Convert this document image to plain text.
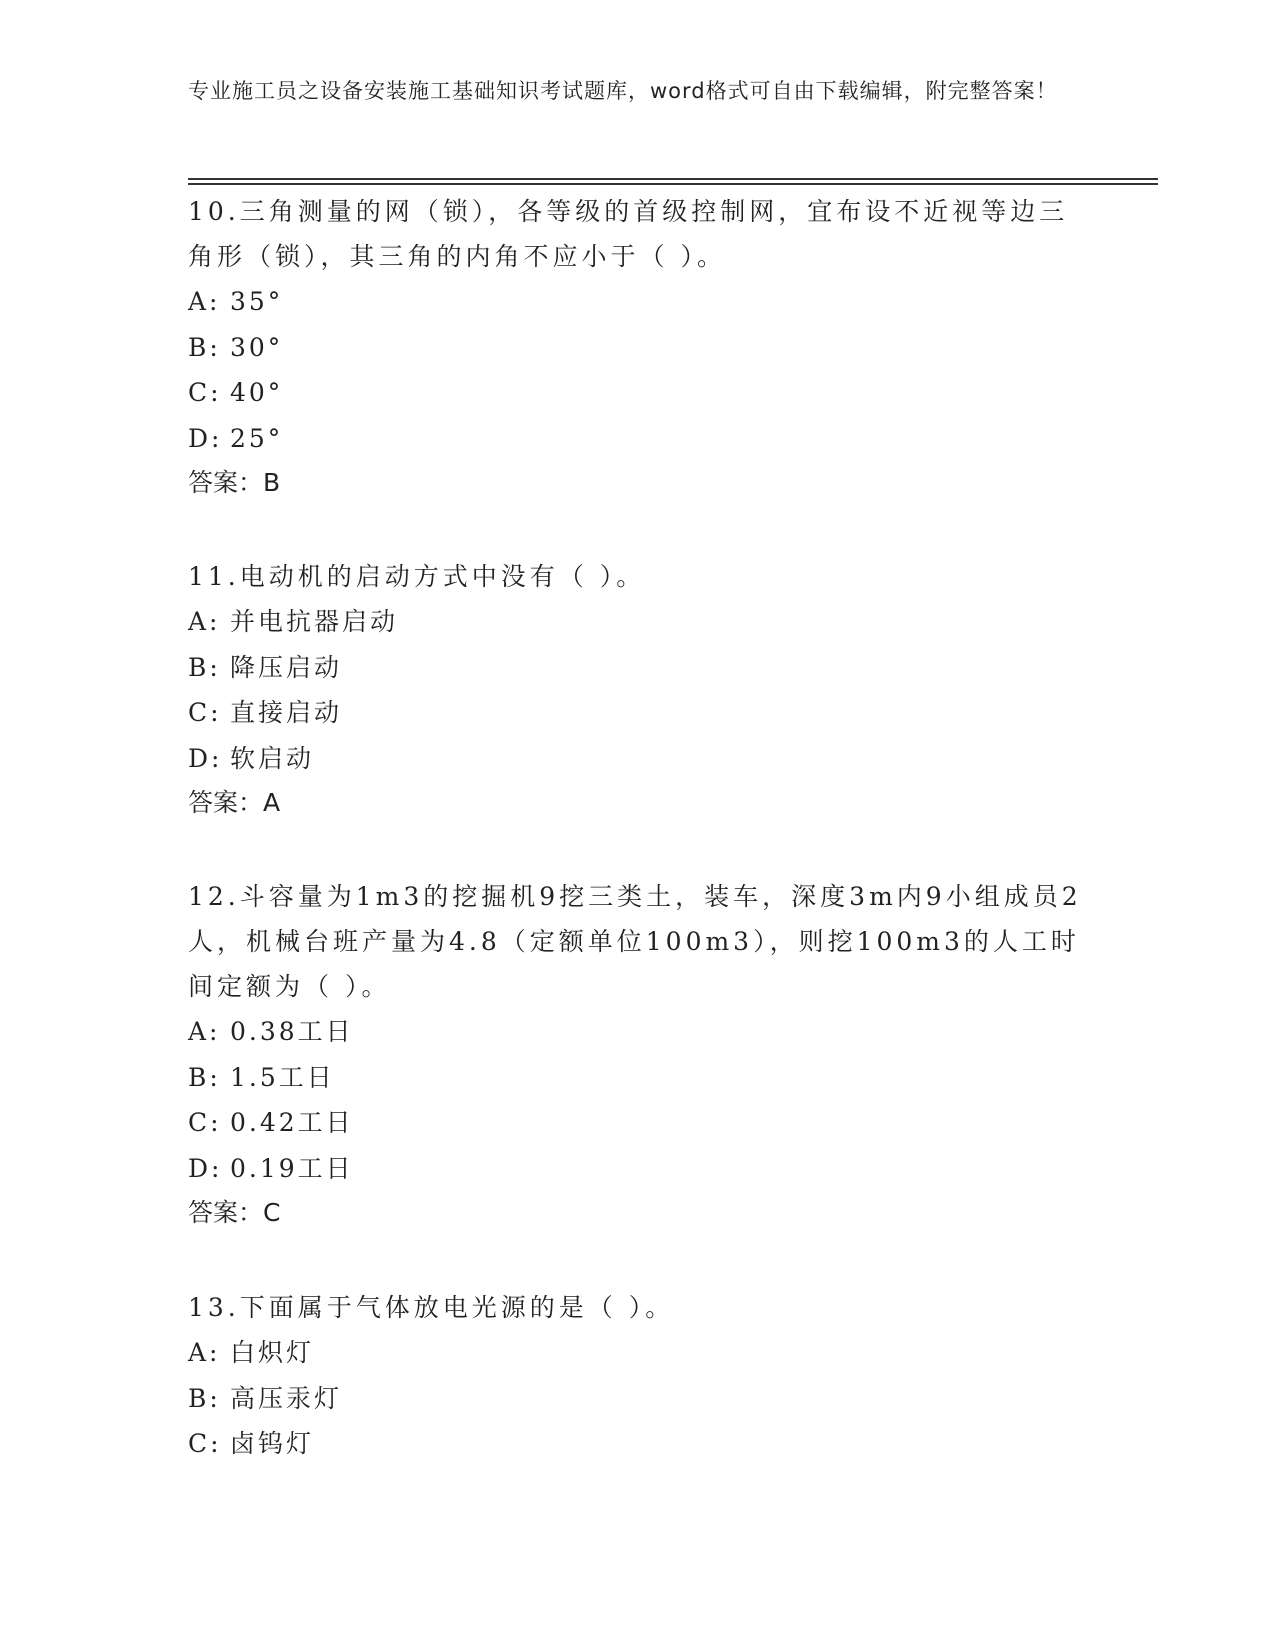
专业施工员之设备安装施工基础知识考试题库，word格式可自由下载编辑，附完整答案！

10.三角测量的网（锁），各等级的首级控制网，宜布设不近视等边三角形（锁），其三角的内角不应小于（ ）。

A: 35°

B: 30°

C: 40°

D: 25°

答案：B

11.电动机的启动方式中没有（ ）。

A: 并电抗器启动

B: 降压启动

C: 直接启动

D: 软启动

答案：A

12.斗容量为1m3的挖掘机9挖三类土，装车，深度3m内9小组成员2人，机械台班产量为4.8（定额单位100m3），则挖100m3的人工时间定额为（ ）。

A: 0.38工日

B: 1.5工日

C: 0.42工日

D: 0.19工日

答案：C

13.下面属于气体放电光源的是（ ）。

A: 白炽灯

B: 高压汞灯

C: 卤钨灯
